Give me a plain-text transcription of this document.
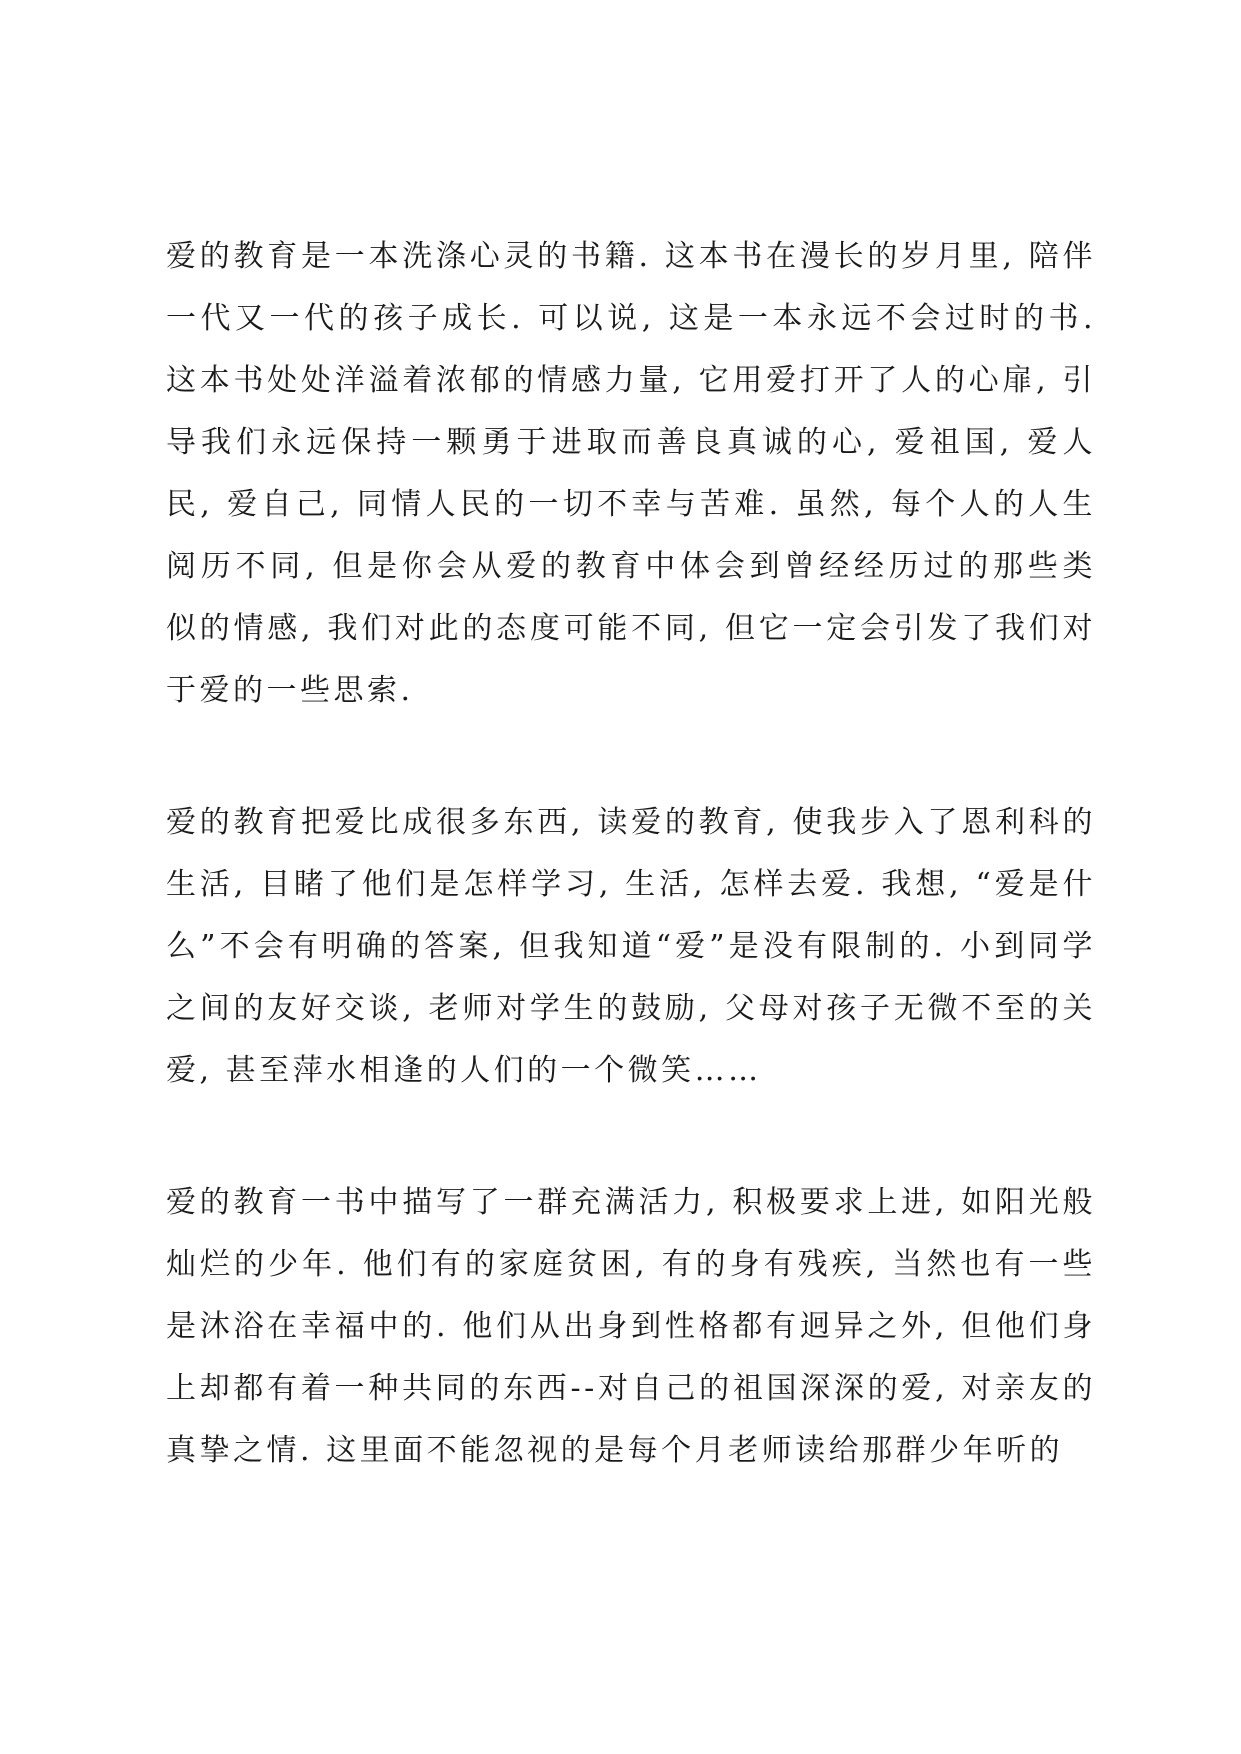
爱的教育是一本洗涤心灵的书籍. 这本书在漫长的岁月里, 陪伴一代又一代的孩子成长. 可以说, 这是一本永远不会过时的书. 这本书处处洋溢着浓郁的情感力量, 它用爱打开了人的心扉, 引导我们永远保持一颗勇于进取而善良真诚的心, 爱祖国, 爱人民, 爱自己, 同情人民的一切不幸与苦难. 虽然, 每个人的人生阅历不同, 但是你会从爱的教育中体会到曾经经历过的那些类似的情感, 我们对此的态度可能不同, 但它一定会引发了我们对于爱的一些思索.

爱的教育把爱比成很多东西, 读爱的教育, 使我步入了恩利科的生活, 目睹了他们是怎样学习, 生活, 怎样去爱. 我想, “爱是什么”不会有明确的答案, 但我知道“爱”是没有限制的. 小到同学之间的友好交谈, 老师对学生的鼓励, 父母对孩子无微不至的关爱, 甚至萍水相逢的人们的一个微笑……

爱的教育一书中描写了一群充满活力, 积极要求上进, 如阳光般灿烂的少年. 他们有的家庭贫困, 有的身有残疾, 当然也有一些是沐浴在幸福中的. 他们从出身到性格都有迥异之外, 但他们身上却都有着一种共同的东西--对自己的祖国深深的爱, 对亲友的真挚之情. 这里面不能忽视的是每个月老师读给那群少年听的
